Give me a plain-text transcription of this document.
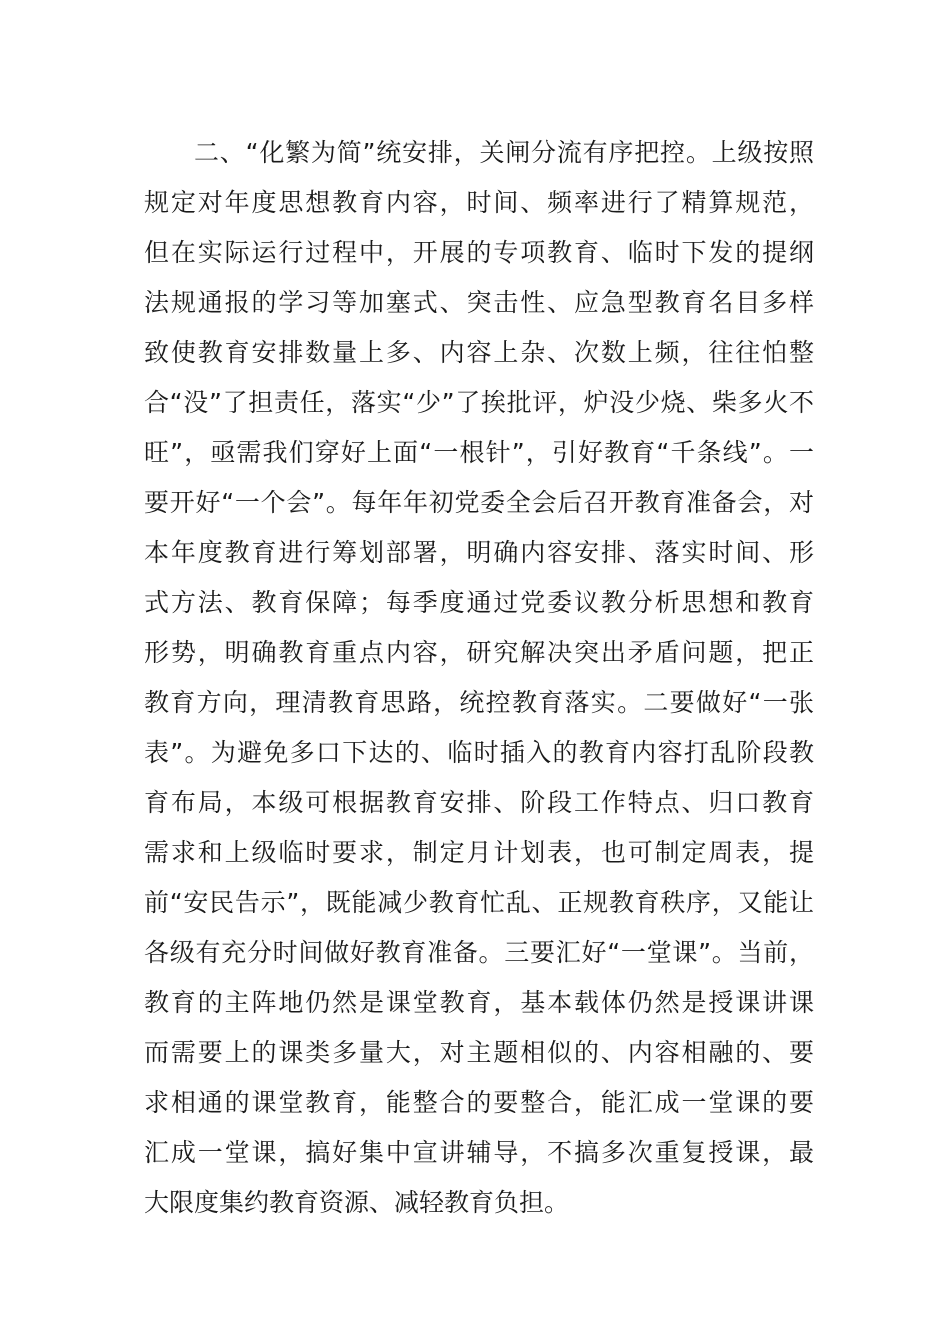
二、“化繁为简”统安排，关闸分流有序把控。上级按照
规定对年度思想教育内容，时间、频率进行了精算规范，
但在实际运行过程中，开展的专项教育、临时下发的提纲
法规通报的学习等加塞式、突击性、应急型教育名目多样
致使教育安排数量上多、内容上杂、次数上频，往往怕整
合“没”了担责任，落实“少”了挨批评，炉没少烧、柴多火不
旺”，亟需我们穿好上面“一根针”，引好教育“千条线”。一
要开好“一个会”。每年年初党委全会后召开教育准备会，对
本年度教育进行筹划部署，明确内容安排、落实时间、形
式方法、教育保障；每季度通过党委议教分析思想和教育
形势，明确教育重点内容，研究解决突出矛盾问题，把正
教育方向，理清教育思路，统控教育落实。二要做好“一张
表”。为避免多口下达的、临时插入的教育内容打乱阶段教
育布局，本级可根据教育安排、阶段工作特点、归口教育
需求和上级临时要求，制定月计划表，也可制定周表，提
前“安民告示”，既能减少教育忙乱、正规教育秩序，又能让
各级有充分时间做好教育准备。三要汇好“一堂课”。当前，
教育的主阵地仍然是课堂教育，基本载体仍然是授课讲课
而需要上的课类多量大，对主题相似的、内容相融的、要
求相通的课堂教育，能整合的要整合，能汇成一堂课的要
汇成一堂课，搞好集中宣讲辅导，不搞多次重复授课，最
大限度集约教育资源、减轻教育负担。
